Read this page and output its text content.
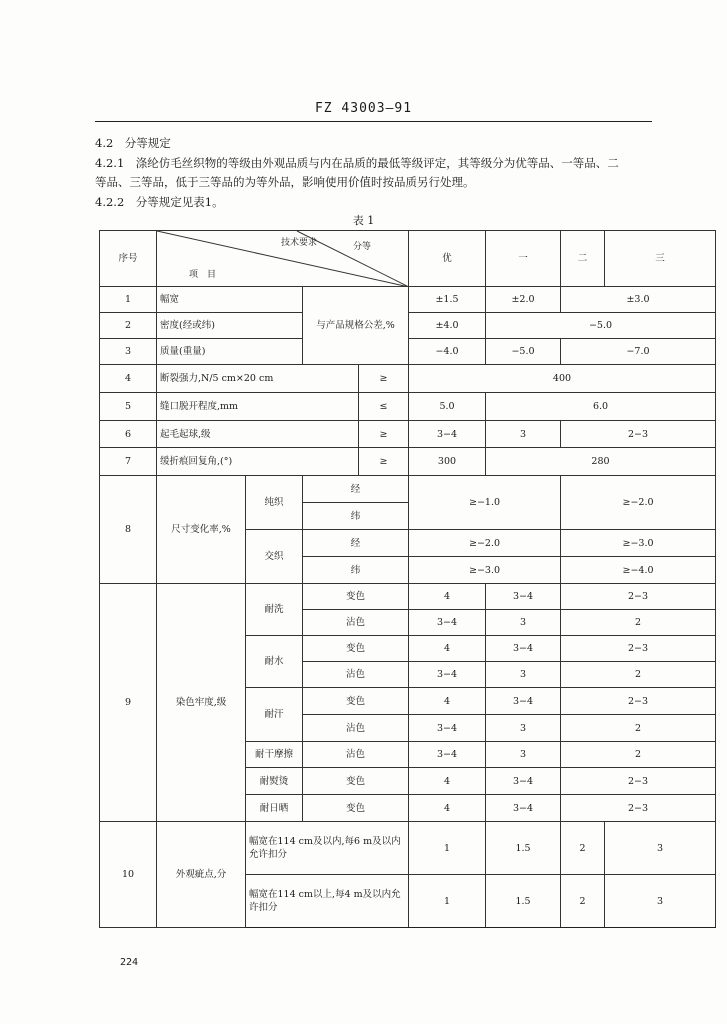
FZ 43003—91
4.2　分等规定
4.2.1　涤纶仿毛丝织物的等级由外观品质与内在品质的最低等级评定，其等级分为优等品、一等品、二
等品、三等品，低于三等品的为等外品，影响使用价值时按品质另行处理。
4.2.2　分等规定见表1。
表 1
序号	技术要求 分等
项　目				优	一	二	三
1	幅宽		与产品规格公差,%		±1.5	±2.0	±3.0	
2	密度(经或纬)				±4.0	−5.0		
3	质量(重量)				−4.0	−5.0	−7.0	
4	断裂强力,N/5 cm×20 cm			≥	400			
5	缝口脱开程度,mm			≤	5.0	6.0		
6	起毛起球,级			≥	3−4	3	2−3	
7	缓折痕回复角,(°)			≥	300	280		
8	尺寸变化率,%	纯织	经		≥−1.0		≥−2.0	
			纬					
		交织	经		≥−2.0		≥−3.0	
			纬		≥−3.0		≥−4.0	
9	染色牢度,级	耐洗	变色		4	3−4	2−3	
			沾色		3−4	3	2	
		耐水	变色		4	3−4	2−3	
			沾色		3−4	3	2	
		耐汗	变色		4	3−4	2−3	
			沾色		3−4	3	2	
		耐干摩擦	沾色		3−4	3	2	
		耐熨烫	变色		4	3−4	2−3	
		耐日晒	变色		4	3−4	2−3	
10	外观疵点,分	幅宽在114 cm及以内,每6 m及以内允许扣分			1	1.5	2	3
		幅宽在114 cm以上,每4 m及以内允许扣分			1	1.5	2	3
224
